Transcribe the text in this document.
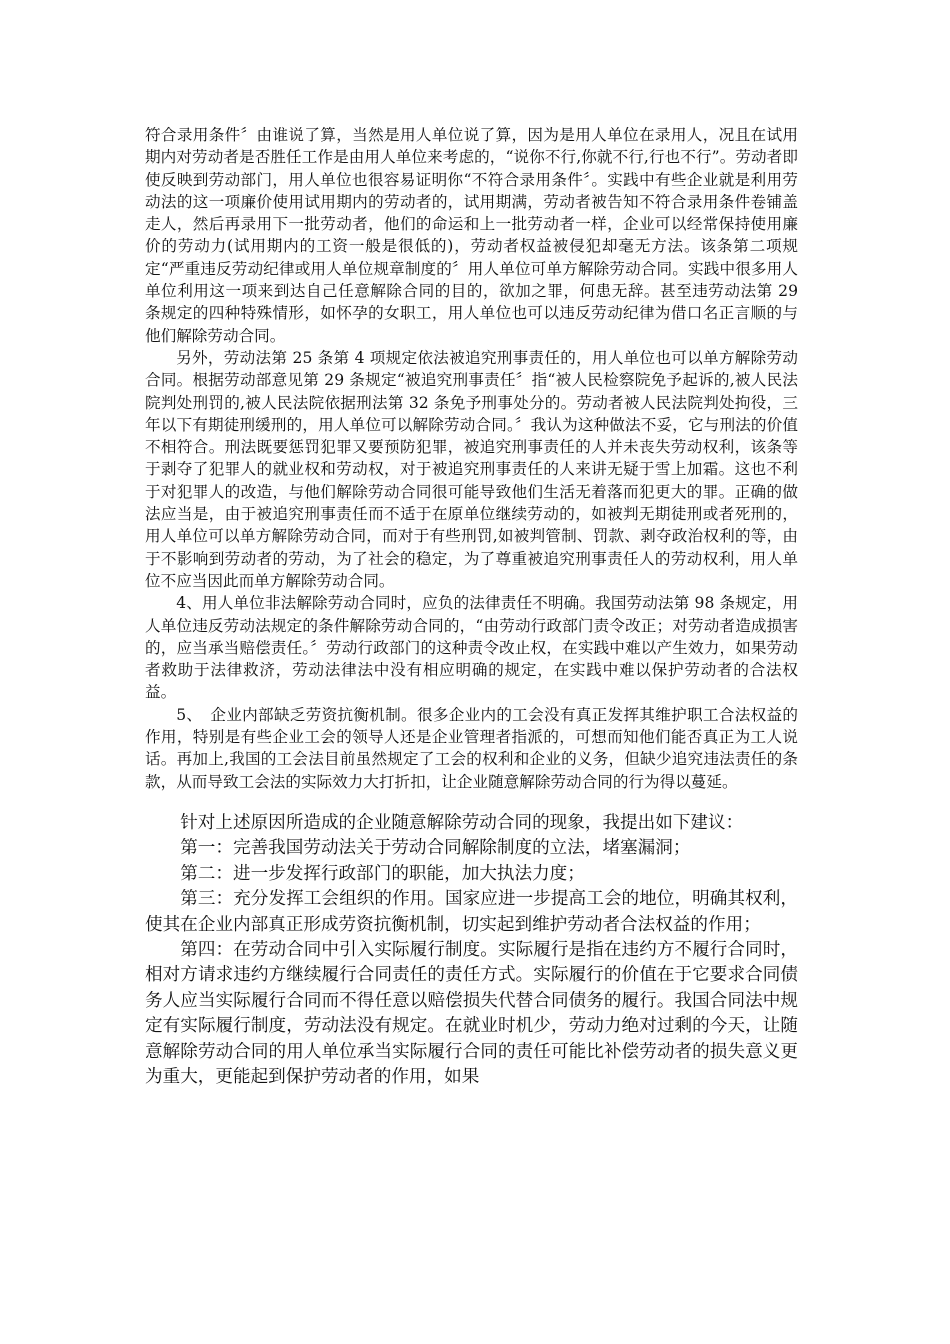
符合录用条件〞由谁说了算，当然是用人单位说了算，因为是用人单位在录用人，况且在试用期内对劳动者是否胜任工作是由用人单位来考虑的，“说你不行,你就不行,行也不行”。劳动者即使反映到劳动部门，用人单位也很容易证明你“不符合录用条件〞。实践中有些企业就是利用劳动法的这一项廉价使用试用期内的劳动者的，试用期满，劳动者被告知不符合录用条件卷铺盖走人，然后再录用下一批劳动者，他们的命运和上一批劳动者一样，企业可以经常保持使用廉价的劳动力(试用期内的工资一般是很低的)，劳动者权益被侵犯却毫无方法。该条第二项规定“严重违反劳动纪律或用人单位规章制度的〞用人单位可单方解除劳动合同。实践中很多用人单位利用这一项来到达自己任意解除合同的目的，欲加之罪，何患无辞。甚至违劳动法第 29 条规定的四种特殊情形，如怀孕的女职工，用人单位也可以违反劳动纪律为借口名正言顺的与他们解除劳动合同。

另外，劳动法第 25 条第 4 项规定依法被追究刑事责任的，用人单位也可以单方解除劳动合同。根据劳动部意见第 29 条规定“被追究刑事责任〞指“被人民检察院免予起诉的,被人民法院判处刑罚的,被人民法院依据刑法第 32 条免予刑事处分的。劳动者被人民法院判处拘役，三年以下有期徒刑缓刑的，用人单位可以解除劳动合同。〞我认为这种做法不妥，它与刑法的价值不相符合。刑法既要惩罚犯罪又要预防犯罪，被追究刑事责任的人并未丧失劳动权利，该条等于剥夺了犯罪人的就业权和劳动权，对于被追究刑事责任的人来讲无疑于雪上加霜。这也不利于对犯罪人的改造，与他们解除劳动合同很可能导致他们生活无着落而犯更大的罪。正确的做法应当是，由于被追究刑事责任而不适于在原单位继续劳动的，如被判无期徒刑或者死刑的，用人单位可以单方解除劳动合同，而对于有些刑罚,如被判管制、罚款、剥夺政治权利的等，由于不影响到劳动者的劳动，为了社会的稳定，为了尊重被追究刑事责任人的劳动权利，用人单位不应当因此而单方解除劳动合同。

4、用人单位非法解除劳动合同时，应负的法律责任不明确。我国劳动法第 98 条规定，用人单位违反劳动法规定的条件解除劳动合同的，“由劳动行政部门责令改正；对劳动者造成损害的，应当承当赔偿责任。〞劳动行政部门的这种责令改止权，在实践中难以产生效力，如果劳动者救助于法律救济，劳动法律法中没有相应明确的规定，在实践中难以保护劳动者的合法权益。

5、　企业内部缺乏劳资抗衡机制。很多企业内的工会没有真正发挥其维护职工合法权益的作用，特别是有些企业工会的领导人还是企业管理者指派的，可想而知他们能否真正为工人说话。再加上,我国的工会法目前虽然规定了工会的权利和企业的义务，但缺少追究违法责任的条款，从而导致工会法的实际效力大打折扣，让企业随意解除劳动合同的行为得以蔓延。

针对上述原因所造成的企业随意解除劳动合同的现象，我提出如下建议：

第一：完善我国劳动法关于劳动合同解除制度的立法，堵塞漏洞；

第二：进一步发挥行政部门的职能，加大执法力度；

第三：充分发挥工会组织的作用。国家应进一步提高工会的地位，明确其权利，使其在企业内部真正形成劳资抗衡机制，切实起到维护劳动者合法权益的作用；

第四：在劳动合同中引入实际履行制度。实际履行是指在违约方不履行合同时，相对方请求违约方继续履行合同责任的责任方式。实际履行的价值在于它要求合同债务人应当实际履行合同而不得任意以赔偿损失代替合同债务的履行。我国合同法中规定有实际履行制度，劳动法没有规定。在就业时机少，劳动力绝对过剩的今天，让随意解除劳动合同的用人单位承当实际履行合同的责任可能比补偿劳动者的损失意义更为重大，更能起到保护劳动者的作用，如果
